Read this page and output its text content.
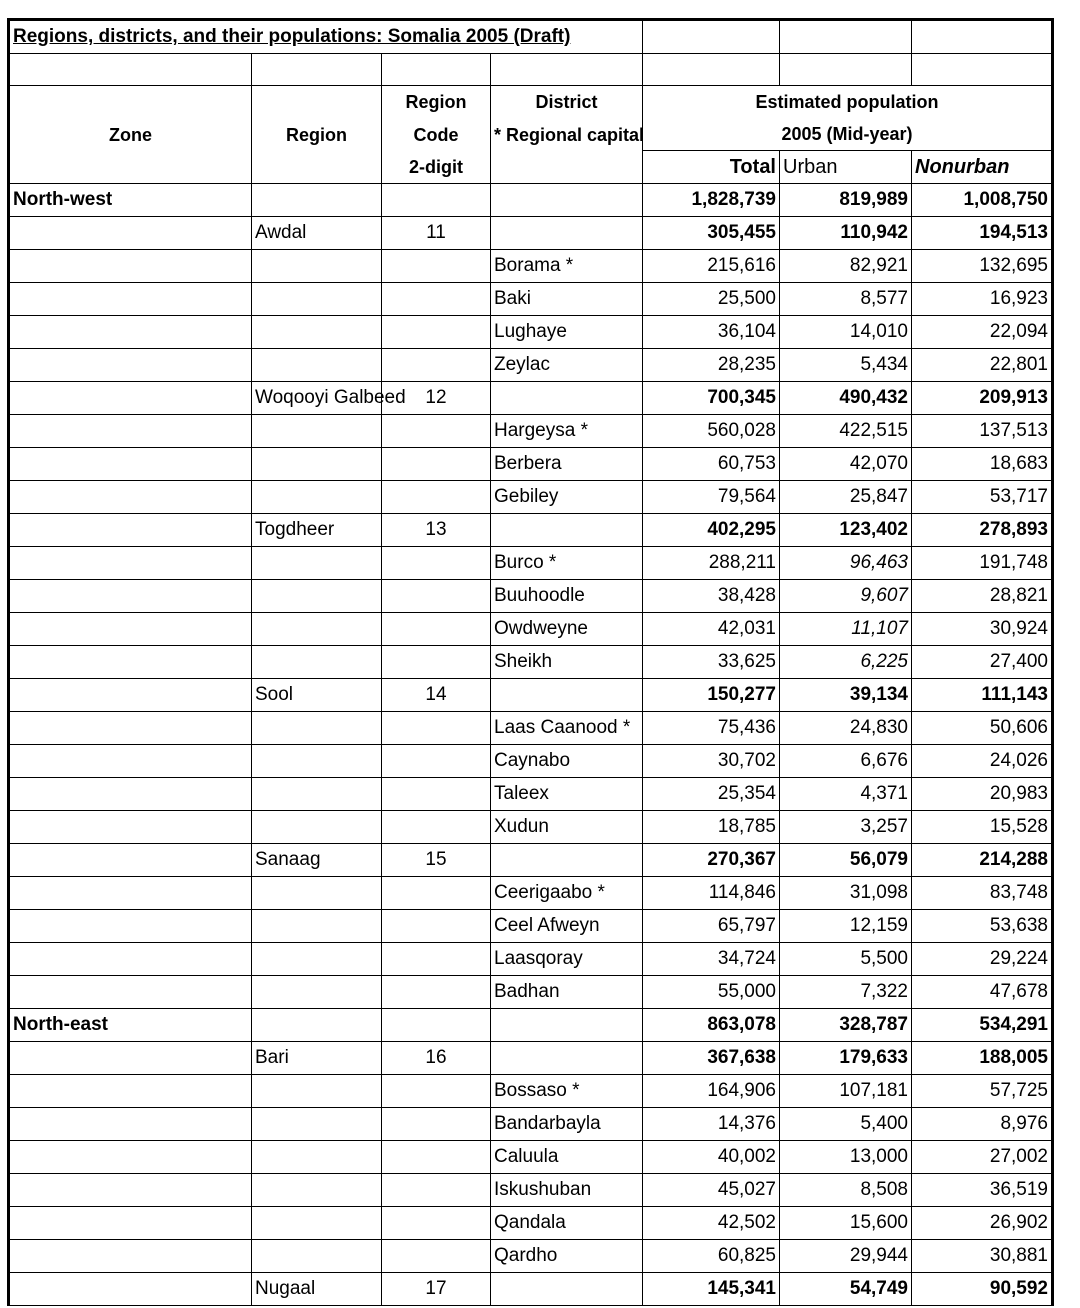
Regions, districts, and their populations: Somalia 2005 (Draft)						

		Region	District	Estimated population		
Zone	Region	Code	* Regional capital	2005 (Mid-year)		
		2-digit		Total	Urban	Nonurban
North-west				1,828,739	819,989	1,008,750
	Awdal	11		305,455	110,942	194,513
			Borama *	215,616	82,921	132,695
			Baki	25,500	8,577	16,923
			Lughaye	36,104	14,010	22,094
			Zeylac	28,235	5,434	22,801
	Woqooyi Galbeed	12		700,345	490,432	209,913
			Hargeysa *	560,028	422,515	137,513
			Berbera	60,753	42,070	18,683
			Gebiley	79,564	25,847	53,717
	Togdheer	13		402,295	123,402	278,893
			Burco *	288,211	96,463	191,748
			Buuhoodle	38,428	9,607	28,821
			Owdweyne	42,031	11,107	30,924
			Sheikh	33,625	6,225	27,400
	Sool	14		150,277	39,134	111,143
			Laas Caanood *	75,436	24,830	50,606
			Caynabo	30,702	6,676	24,026
			Taleex	25,354	4,371	20,983
			Xudun	18,785	3,257	15,528
	Sanaag	15		270,367	56,079	214,288
			Ceerigaabo *	114,846	31,098	83,748
			Ceel Afweyn	65,797	12,159	53,638
			Laasqoray	34,724	5,500	29,224
			Badhan	55,000	7,322	47,678
North-east				863,078	328,787	534,291
	Bari	16		367,638	179,633	188,005
			Bossaso *	164,906	107,181	57,725
			Bandarbayla	14,376	5,400	8,976
			Caluula	40,002	13,000	27,002
			Iskushuban	45,027	8,508	36,519
			Qandala	42,502	15,600	26,902
			Qardho	60,825	29,944	30,881
	Nugaal	17		145,341	54,749	90,592
